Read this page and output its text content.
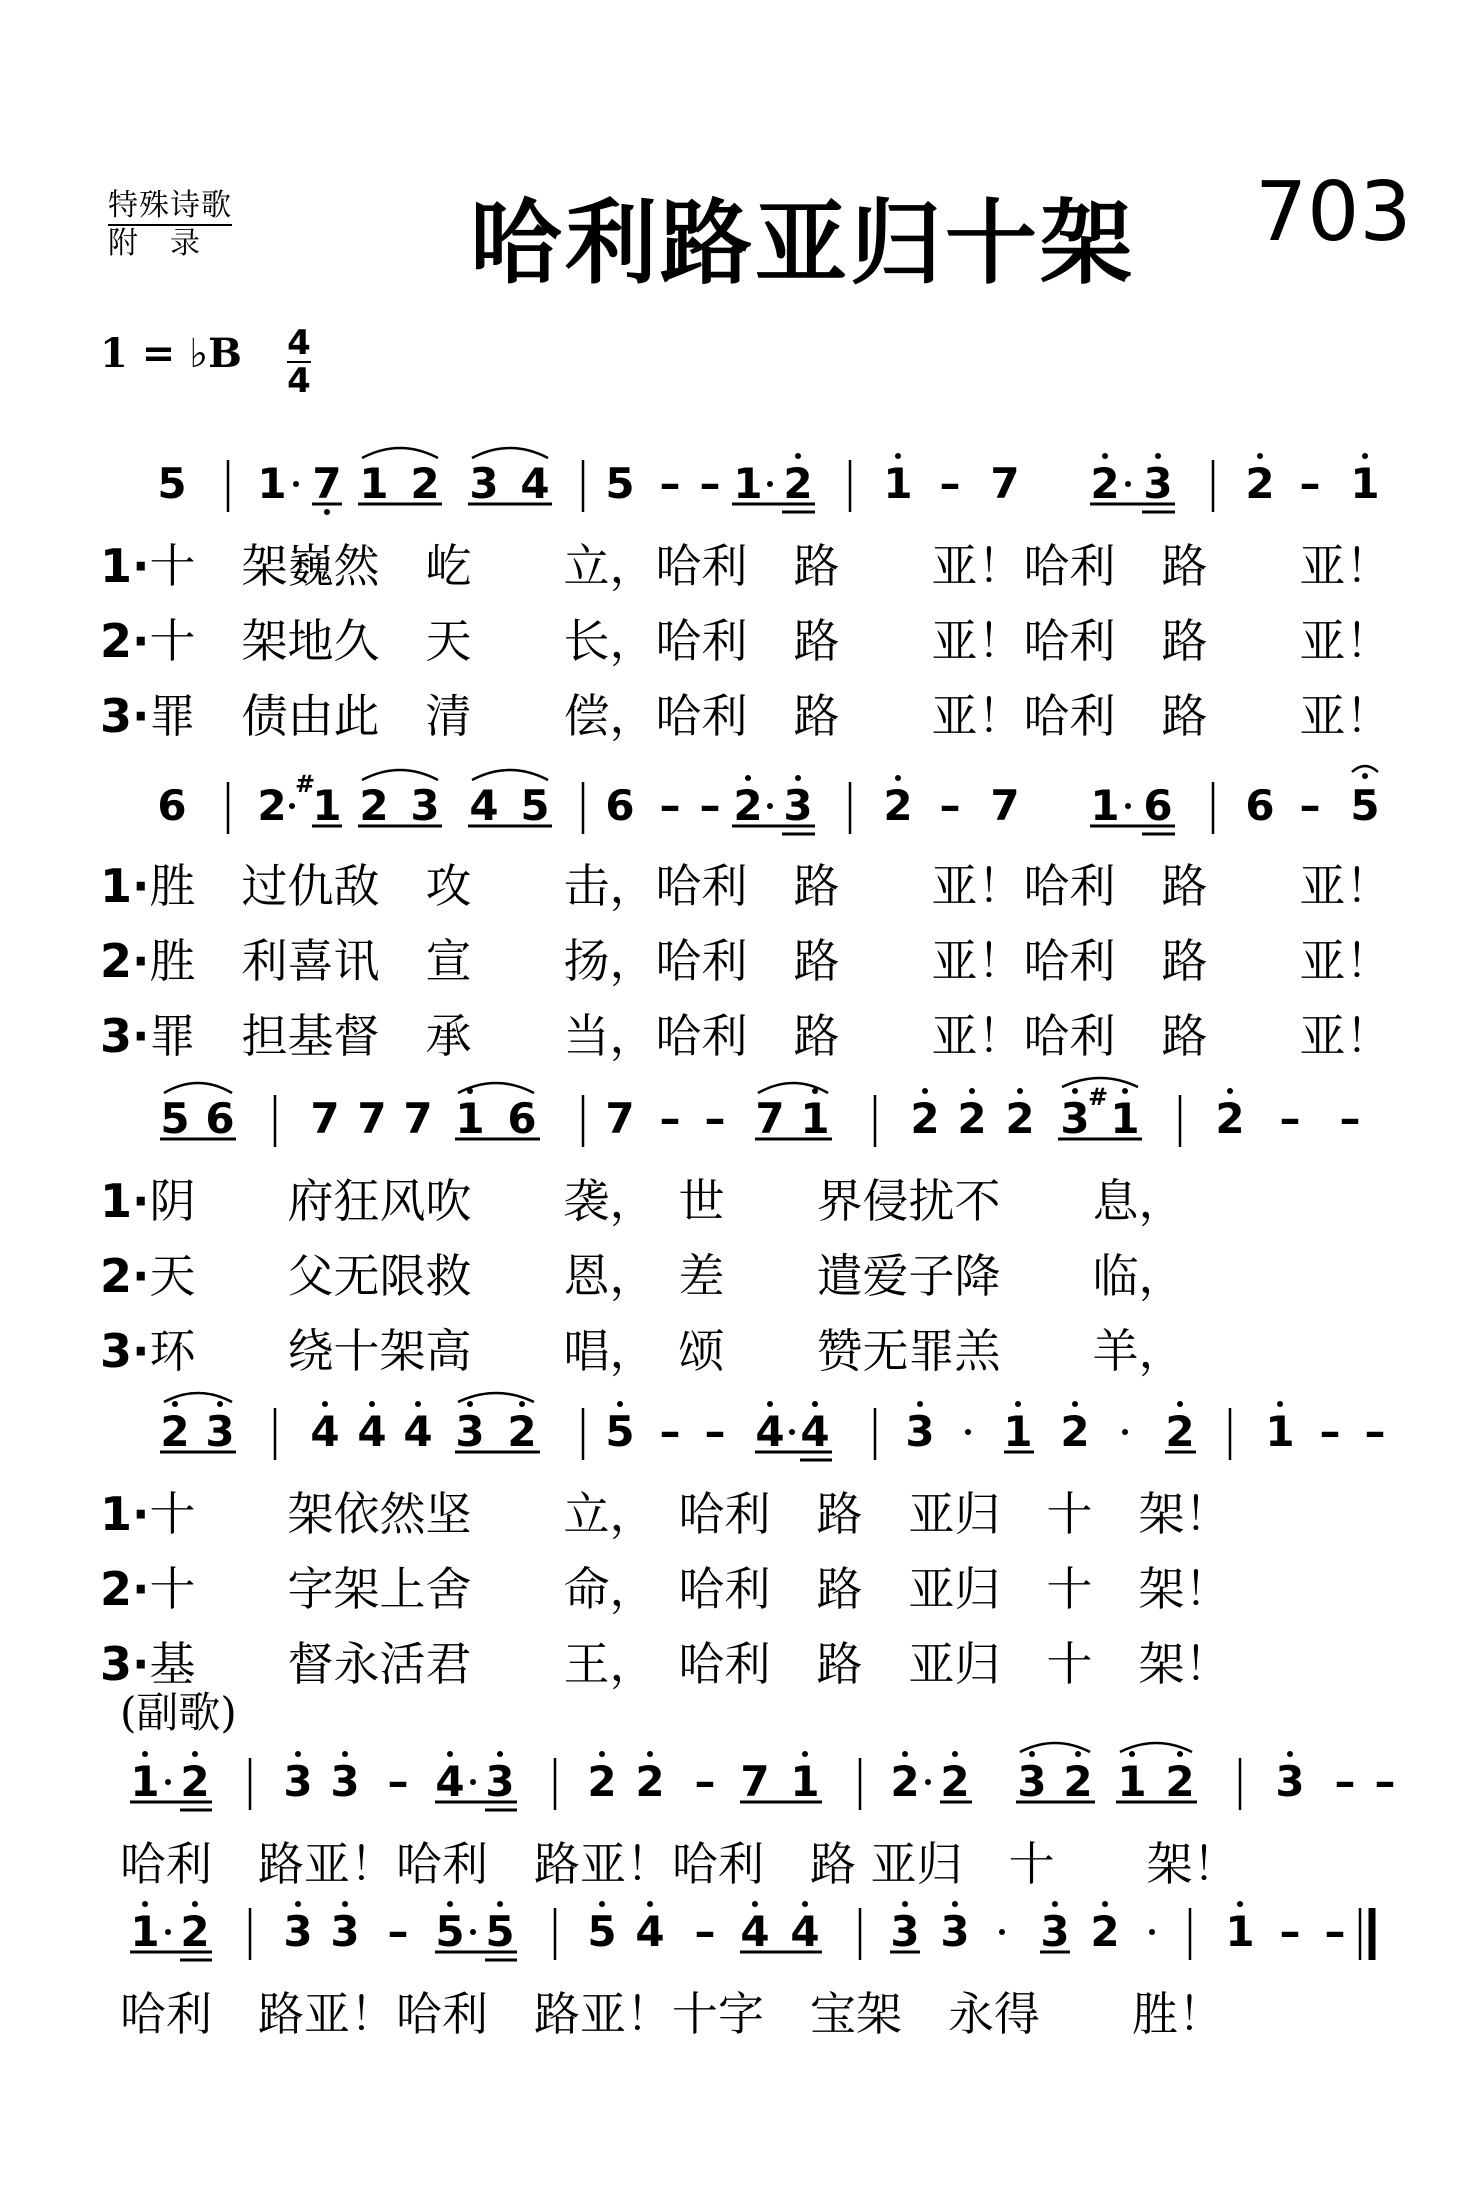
特殊诗歌
附　录	哈利路亚归十架 703
1 = ♭B 4
4
5 1 7 1 2 3 4 5 – – 1 2 1 – 7 2 3 2 – 1
1·十　架巍然　屹　　立，哈利　路　　亚！哈利　路　　亚！
2·十　架地久　天　　长，哈利　路　　亚！哈利　路　　亚！
3·罪　债由此　清　　偿，哈利　路　　亚！哈利　路　　亚！
6 2 #
1 2 3 4 5 6 – – 2 3 2 – 7 1 6 6 – 5
1·胜　过仇敌　攻　　击，哈利　路　　亚！哈利　路　　亚！
2·胜　利喜讯　宣　　扬，哈利　路　　亚！哈利　路　　亚！
3·罪　担基督　承　　当，哈利　路　　亚！哈利　路　　亚！
5 6 7 7 7 1 6 7 – – 7 1 2 2 2 3
# 1 2 – –
1·阴　　府狂风吹　　袭，　世　　界侵扰不　　息，
2·天　　父无限救　　恩，　差　　遣爱子降　　临，
3·环　　绕十架高　　唱，　颂　　赞无罪羔　　羊，
2 3 4 4 4 3 2 5 – – 4 4 3 1 2 2 1 – –
1·十　　架依然坚　　立，　哈利　路　亚归　十　架！
2·十　　字架上舍　　命，　哈利　路　亚归　十　架！
3·基　　督永活君　　王，　哈利　路　亚归　十　架！
(副歌)
1 2 3 3 – 4 3 2 2 – 7 1 2 2 3 2 1 2 3 – –
哈利　路亚！哈利　路亚！哈利　路 亚归　十　　架！
1 2 3 3 – 5 5 5 4 – 4 4 3 3 3 2	1 – –
哈利　路亚！哈利　路亚！十字　宝架　永得　　胜！
